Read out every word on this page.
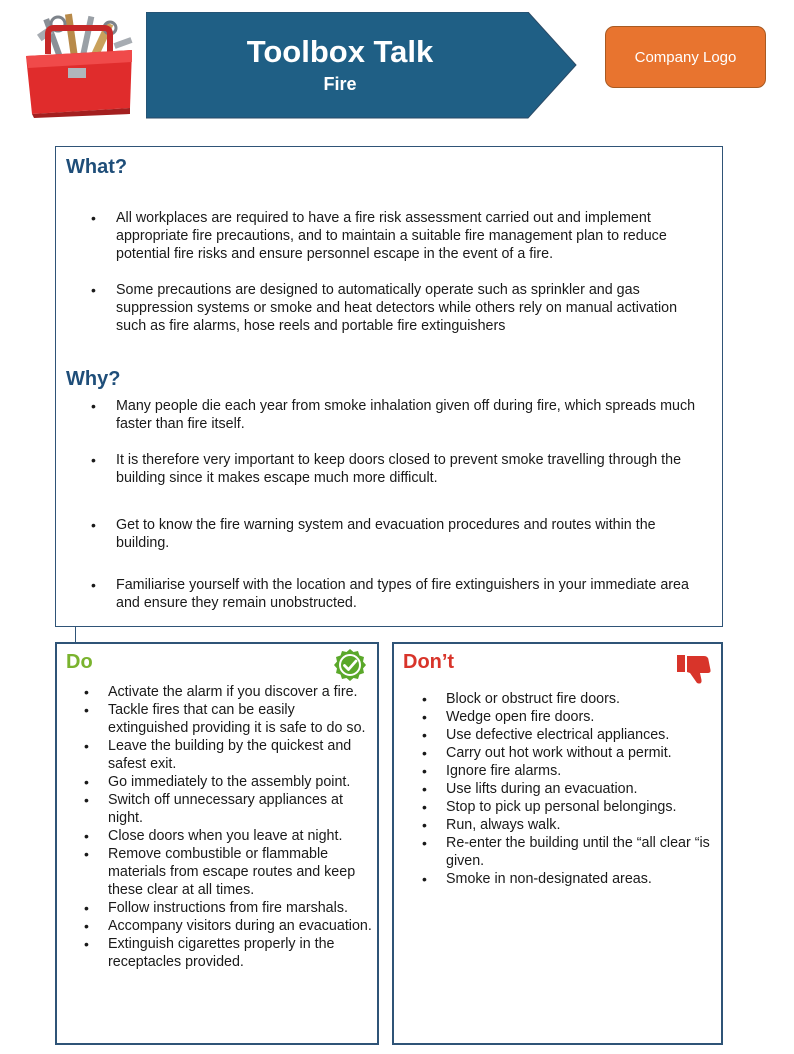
Toolbox Talk
Fire
Company Logo
What?
• All workplaces are required to have a fire risk assessment carried out and implement appropriate fire precautions, and to maintain a suitable fire management plan to reduce potential fire risks and ensure personnel escape in the event of a fire.
• Some precautions are designed to automatically operate such as sprinkler and gas suppression systems or smoke and heat detectors while others rely on manual activation such as fire alarms, hose reels and portable fire extinguishers
Why?
• Many people die each year from smoke inhalation given off during fire, which spreads much faster than fire itself.
• It is therefore very important to keep doors closed to prevent smoke travelling through the building since it makes escape much more difficult.
• Get to know the fire warning system and evacuation procedures and routes within the building.
• Familiarise yourself with the location and types of fire extinguishers in your immediate area and ensure they remain unobstructed.
Do
• Activate the alarm if you discover a fire.
• Tackle fires that can be easily extinguished providing it is safe to do so.
• Leave the building by the quickest and safest exit.
• Go immediately to the assembly point.
• Switch off unnecessary appliances at night.
• Close doors when you leave at night.
• Remove combustible or flammable materials from escape routes and keep these clear at all times.
• Follow instructions from fire marshals.
• Accompany visitors during an evacuation.
• Extinguish cigarettes properly in the receptacles provided.
Don’t
• Block or obstruct fire doors.
• Wedge open fire doors.
• Use defective electrical appliances.
• Carry out hot work without a permit.
• Ignore fire alarms.
• Use lifts during an evacuation.
• Stop to pick up personal belongings.
• Run, always walk.
• Re-enter the building until the “all clear “is given.
• Smoke in non-designated areas.
